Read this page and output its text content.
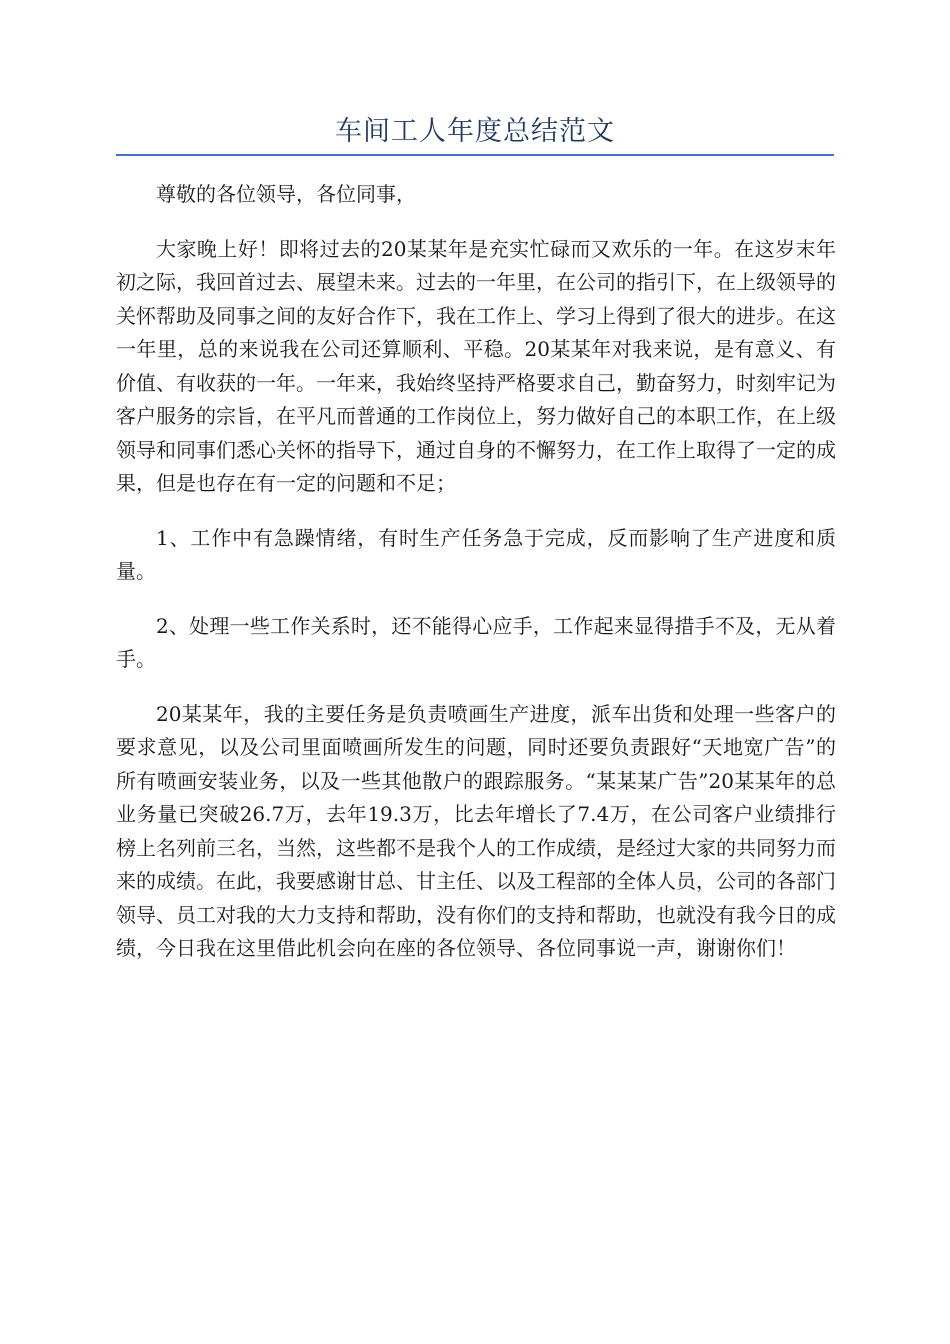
车间工人年度总结范文

尊敬的各位领导，各位同事，

大家晚上好！即将过去的20某某年是充实忙碌而又欢乐的一年。在这岁末年初之际，我回首过去、展望未来。过去的一年里，在公司的指引下，在上级领导的关怀帮助及同事之间的友好合作下，我在工作上、学习上得到了很大的进步。在这一年里，总的来说我在公司还算顺利、平稳。20某某年对我来说，是有意义、有价值、有收获的一年。一年来，我始终坚持严格要求自己，勤奋努力，时刻牢记为客户服务的宗旨，在平凡而普通的工作岗位上，努力做好自己的本职工作，在上级领导和同事们悉心关怀的指导下，通过自身的不懈努力，在工作上取得了一定的成果，但是也存在有一定的问题和不足；

1、工作中有急躁情绪，有时生产任务急于完成，反而影响了生产进度和质量。

2、处理一些工作关系时，还不能得心应手，工作起来显得措手不及，无从着手。

20某某年，我的主要任务是负责喷画生产进度，派车出货和处理一些客户的要求意见，以及公司里面喷画所发生的问题，同时还要负责跟好“天地宽广告”的所有喷画安装业务，以及一些其他散户的跟踪服务。“某某某广告”20某某年的总业务量已突破26.7万，去年19.3万，比去年增长了7.4万，在公司客户业绩排行榜上名列前三名，当然，这些都不是我个人的工作成绩，是经过大家的共同努力而来的成绩。在此，我要感谢甘总、甘主任、以及工程部的全体人员，公司的各部门领导、员工对我的大力支持和帮助，没有你们的支持和帮助，也就没有我今日的成绩，今日我在这里借此机会向在座的各位领导、各位同事说一声，谢谢你们！
